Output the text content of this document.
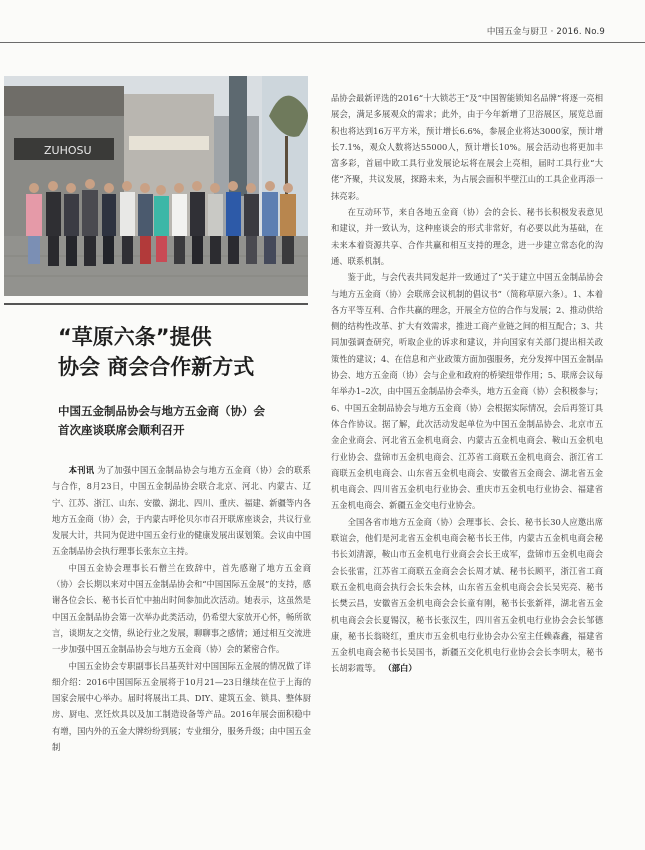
中国五金与厨卫 · 2016. No.9
ZUHOSU
“草原六条”提供
协会 商会合作新方式
中国五金制品协会与地方五金商（协）会
首次座谈联席会顺利召开

本刊讯 为了加强中国五金制品协会与地方五金商（协）会的联系与合作，8月23日，中国五金制品协会联合北京、河北、内蒙古、辽宁、江苏、浙江、山东、安徽、湖北、四川、重庆、福建、新疆等内各地方五金商（协）会，于内蒙古呼伦贝尔市召开联席座谈会，共议行业发展大计，共同为促进中国五金行业的健康发展出谋划策。会议由中国五金制品协会执行理事长张东立主持。

中国五金协会理事长石僧兰在致辞中，首先感谢了地方五金商（协）会长期以来对中国五金制品协会和“中国国际五金展”的支持，感谢各位会长、秘书长百忙中抽出时间参加此次活动。她表示，这虽然是中国五金制品协会第一次举办此类活动，仍希望大家放开心怀，畅所欲言，谈期友之交情，纵论行业之发展，聊聊事之感情；通过相互交流进一步加强中国五金制品协会与地方五金商（协）会的紧密合作。

中国五金协会专职副事长吕基英针对中国国际五金展的情况做了详细介绍：2016中国国际五金展将于10月21—23日继续在位于上海的国家会展中心举办。届时将展出工具、DIY、建筑五金、锁具、整体厨房、厨电、烹饪炊具以及加工制造设备等产品。2016年展会面积稳中有增，国内外的五金大牌纷纷到展；专业细分，服务升级；由中国五金制

品协会最新评选的2016“十大锁芯王”及“中国智能锁知名品牌”将逐一亮相展会，满足多展观众的需求；此外，由于今年新增了卫浴展区，展览总面积也将达到16万平方米，预计增长6.6%，参展企业将达3000家，预计增长7.1%，观众人数将达55000人，预计增长10%。展会活动也将更加丰富多彩，首届中欧工具行业发展论坛将在展会上亮相，届时工具行业“大佬”齐聚，共议发展，探路未来，为占展会面积半壁江山的工具企业再添一抹亮彩。

在互动环节，来自各地五金商（协）会的会长、秘书长积极发表意见和建议，并一致认为，这种座谈会的形式非常好，有必要以此为基础，在未来本着资源共享、合作共赢和相互支持的理念，进一步建立常态化的沟通、联系机制。

鉴于此，与会代表共同发起并一致通过了“关于建立中国五金制品协会与地方五金商（协）会联席会议机制的倡议书”（简称草原六条）。1、本着各方平等互利、合作共赢的理念，开展全方位的合作与发展；2、推动供给侧的结构性改革、扩大有效需求，推进工商产业链之间的相互配合；3、共同加强调查研究，听取企业的诉求和建议，并向国家有关部门提出相关政策性的建议；4、在信息和产业政策方面加强服务，充分发挥中国五金制品协会、地方五金商（协）会与企业和政府的桥梁纽带作用；5、联席会议每年举办1–2次，由中国五金制品协会牵头，地方五金商（协）会积极参与；6、中国五金制品协会与地方五金商（协）会根据实际情况，会后再签订具体合作协议。据了解，此次活动发起单位为中国五金制品协会、北京市五金企业商会、河北省五金机电商会、内蒙古五金机电商会、鞍山五金机电行业协会、盘锦市五金机电商会、江苏省工商联五金机电商会、浙江省工商联五金机电商会、山东省五金机电商会、安徽省五金商会、湖北省五金机电商会、四川省五金机电行业协会、重庆市五金机电行业协会、福建省五金机电商会、新疆五金交电行业协会。

全国各省市地方五金商（协）会理事长、会长、秘书长30人应邀出席联谊会，他们是河北省五金机电商会秘书长王伟，内蒙古五金机电商会秘书长刘清源，鞍山市五金机电行业商会会长王成军，盘锦市五金机电商会会长张雷，江苏省工商联五金商会会长周才斌、秘书长顾平，浙江省工商联五金机电商会执行会长朱会林，山东省五金机电商会会长吴宪亮、秘书长樊云昌，安徽省五金机电商会会长童有刚，秘书长张新祥，湖北省五金机电商会会长夏锡汉，秘书长张汉生，四川省五金机电行业协会会长邹德康，秘书长翁晓红，重庆市五金机电行业协会办公室主任赖森鑫，福建省五金机电商会秘书长吴国书，新疆五交化机电行业协会会长李明太，秘书长胡彩霞等。 （部白）
